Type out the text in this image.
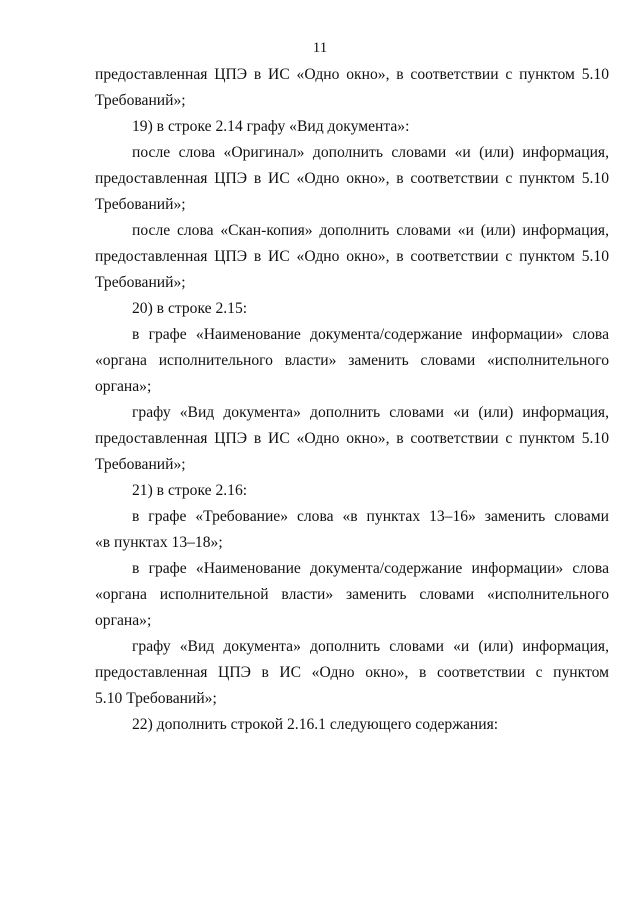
11
предоставленная ЦПЭ в ИС «Одно окно», в соответствии с пунктом 5.10
Требований»;
19) в строке 2.14 графу «Вид документа»:
после слова «Оригинал» дополнить словами «и (или) информация,
предоставленная ЦПЭ в ИС «Одно окно», в соответствии с пунктом 5.10
Требований»;
после слова «Скан-копия» дополнить словами «и (или) информация,
предоставленная ЦПЭ в ИС «Одно окно», в соответствии с пунктом 5.10
Требований»;
20) в строке 2.15:
в графе «Наименование документа/содержание информации» слова
«органа исполнительного власти» заменить словами «исполнительного органа»;
графу «Вид документа» дополнить словами «и (или) информация,
предоставленная ЦПЭ в ИС «Одно окно», в соответствии с пунктом 5.10
Требований»;
21) в строке 2.16:
в графе «Требование» слова «в пунктах 13–16» заменить словами
«в пунктах 13–18»;
в графе «Наименование документа/содержание информации» слова
«органа исполнительной власти» заменить словами «исполнительного органа»;
графу «Вид документа» дополнить словами «и (или) информация,
предоставленная ЦПЭ в ИС «Одно окно», в соответствии с пунктом
5.10 Требований»;
22) дополнить строкой 2.16.1 следующего содержания:
